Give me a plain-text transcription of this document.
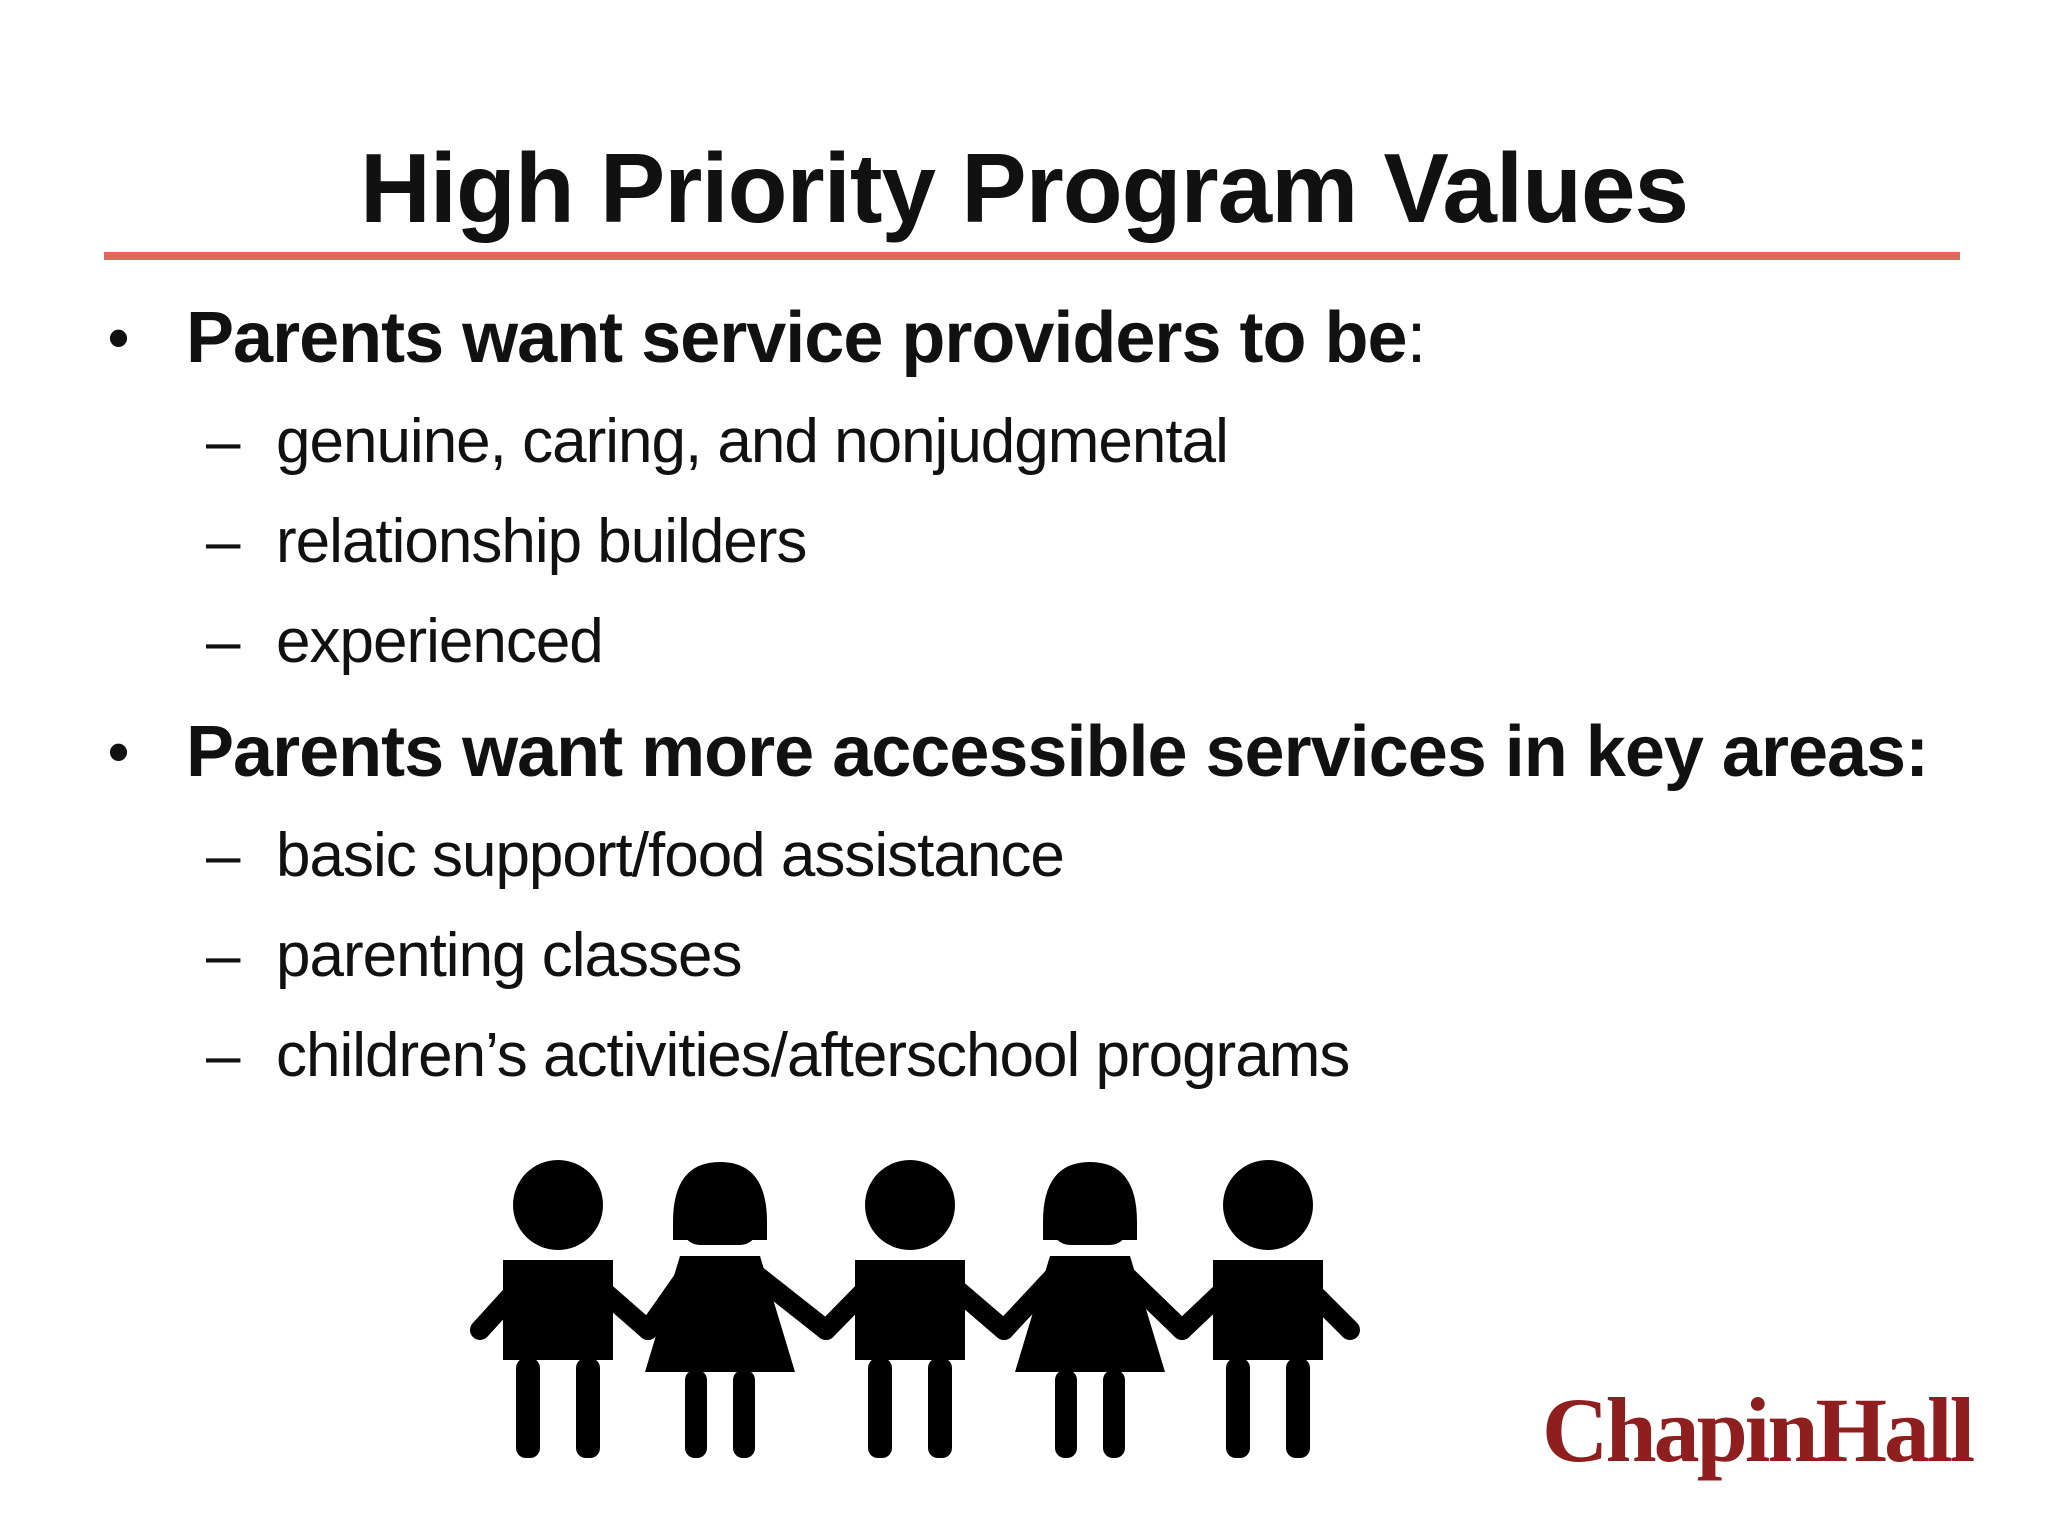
High Priority Program Values
• Parents want service providers to be:
– genuine, caring, and nonjudgmental
– relationship builders
– experienced
• Parents want more accessible services in key areas:
– basic support/food assistance
– parenting classes
– children’s activities/afterschool programs
ChapinHall
